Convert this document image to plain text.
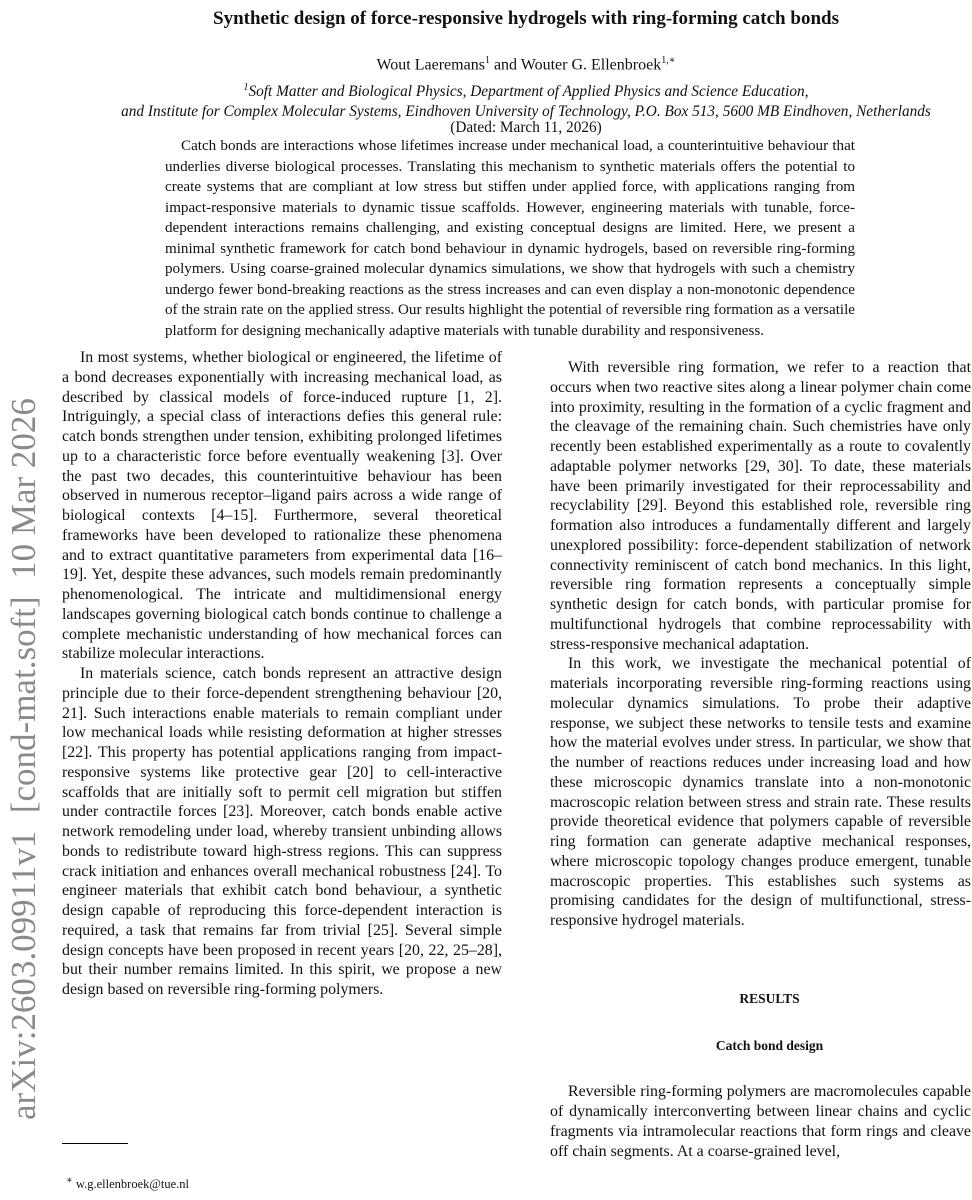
Synthetic design of force-responsive hydrogels with ring-forming catch bonds
Wout Laeremans$^1$ and Wouter G. Ellenbroek$^{1,∗}$
$^1$Soft Matter and Biological Physics, Department of Applied Physics and Science Education,
and Institute for Complex Molecular Systems, Eindhoven University of Technology, P.O. Box 513, 5600 MB Eindhoven, Netherlands
(Dated: March 11, 2026)

Catch bonds are interactions whose lifetimes increase under mechanical load, a counterintuitive behaviour that underlies diverse biological processes. Translating this mechanism to synthetic materials offers the potential to create systems that are compliant at low stress but stiffen under applied force, with applications ranging from impact-responsive materials to dynamic tissue scaffolds. However, engineering materials with tunable, force-dependent interactions remains challenging, and existing conceptual designs are limited. Here, we present a minimal synthetic framework for catch bond behaviour in dynamic hydrogels, based on reversible ring-forming polymers. Using coarse-grained molecular dynamics simulations, we show that hydrogels with such a chemistry undergo fewer bond-breaking reactions as the stress increases and can even display a non-monotonic dependence of the strain rate on the applied stress. Our results highlight the potential of reversible ring formation as a versatile platform for designing mechanically adaptive materials with tunable durability and responsiveness.

arXiv:2603.09911v1  [cond-mat.soft]  10 Mar 2026

In most systems, whether biological or engineered, the lifetime of a bond decreases exponentially with increasing mechanical load, as described by classical models of force-induced rupture [1, 2]. Intriguingly, a special class of interactions defies this general rule: catch bonds strengthen under tension, exhibiting prolonged lifetimes up to a characteristic force before eventually weakening [3]. Over the past two decades, this counterintuitive behaviour has been observed in numerous receptor–ligand pairs across a wide range of biological contexts [4–15]. Furthermore, several theoretical frameworks have been developed to rationalize these phenomena and to extract quantitative parameters from experimental data [16–19]. Yet, despite these advances, such models remain predominantly phenomenological. The intricate and multidimensional energy landscapes governing biological catch bonds continue to challenge a complete mechanistic understanding of how mechanical forces can stabilize molecular interactions.

In materials science, catch bonds represent an attractive design principle due to their force-dependent strengthening behaviour [20, 21]. Such interactions enable materials to remain compliant under low mechanical loads while resisting deformation at higher stresses [22]. This property has potential applications ranging from impact-responsive systems like protective gear [20] to cell-interactive scaffolds that are initially soft to permit cell migration but stiffen under contractile forces [23]. Moreover, catch bonds enable active network remodeling under load, whereby transient unbinding allows bonds to redistribute toward high-stress regions. This can suppress crack initiation and enhances overall mechanical robustness [24]. To engineer materials that exhibit catch bond behaviour, a synthetic design capable of reproducing this force-dependent interaction is required, a task that remains far from trivial [25]. Several simple design concepts have been proposed in recent years [20, 22, 25–28], but their number remains limited. In this spirit, we propose a new design based on reversible ring-forming polymers.

With reversible ring formation, we refer to a reaction that occurs when two reactive sites along a linear polymer chain come into proximity, resulting in the formation of a cyclic fragment and the cleavage of the remaining chain. Such chemistries have only recently been established experimentally as a route to covalently adaptable polymer networks [29, 30]. To date, these materials have been primarily investigated for their reprocessability and recyclability [29]. Beyond this established role, reversible ring formation also introduces a fundamentally different and largely unexplored possibility: force-dependent stabilization of network connectivity reminiscent of catch bond mechanics. In this light, reversible ring formation represents a conceptually simple synthetic design for catch bonds, with particular promise for multifunctional hydrogels that combine reprocessability with stress-responsive mechanical adaptation.

In this work, we investigate the mechanical potential of materials incorporating reversible ring-forming reactions using molecular dynamics simulations. To probe their adaptive response, we subject these networks to tensile tests and examine how the material evolves under stress. In particular, we show that the number of reactions reduces under increasing load and how these microscopic dynamics translate into a non-monotonic macroscopic relation between stress and strain rate. These results provide theoretical evidence that polymers capable of reversible ring formation can generate adaptive mechanical responses, where microscopic topology changes produce emergent, tunable macroscopic properties. This establishes such systems as promising candidates for the design of multifunctional, stress-responsive hydrogel materials.

RESULTS

Catch bond design

Reversible ring-forming polymers are macromolecules capable of dynamically interconverting between linear chains and cyclic fragments via intramolecular reactions that form rings and cleave off chain segments. At a coarse-grained level,

∗ w.g.ellenbroek@tue.nl
